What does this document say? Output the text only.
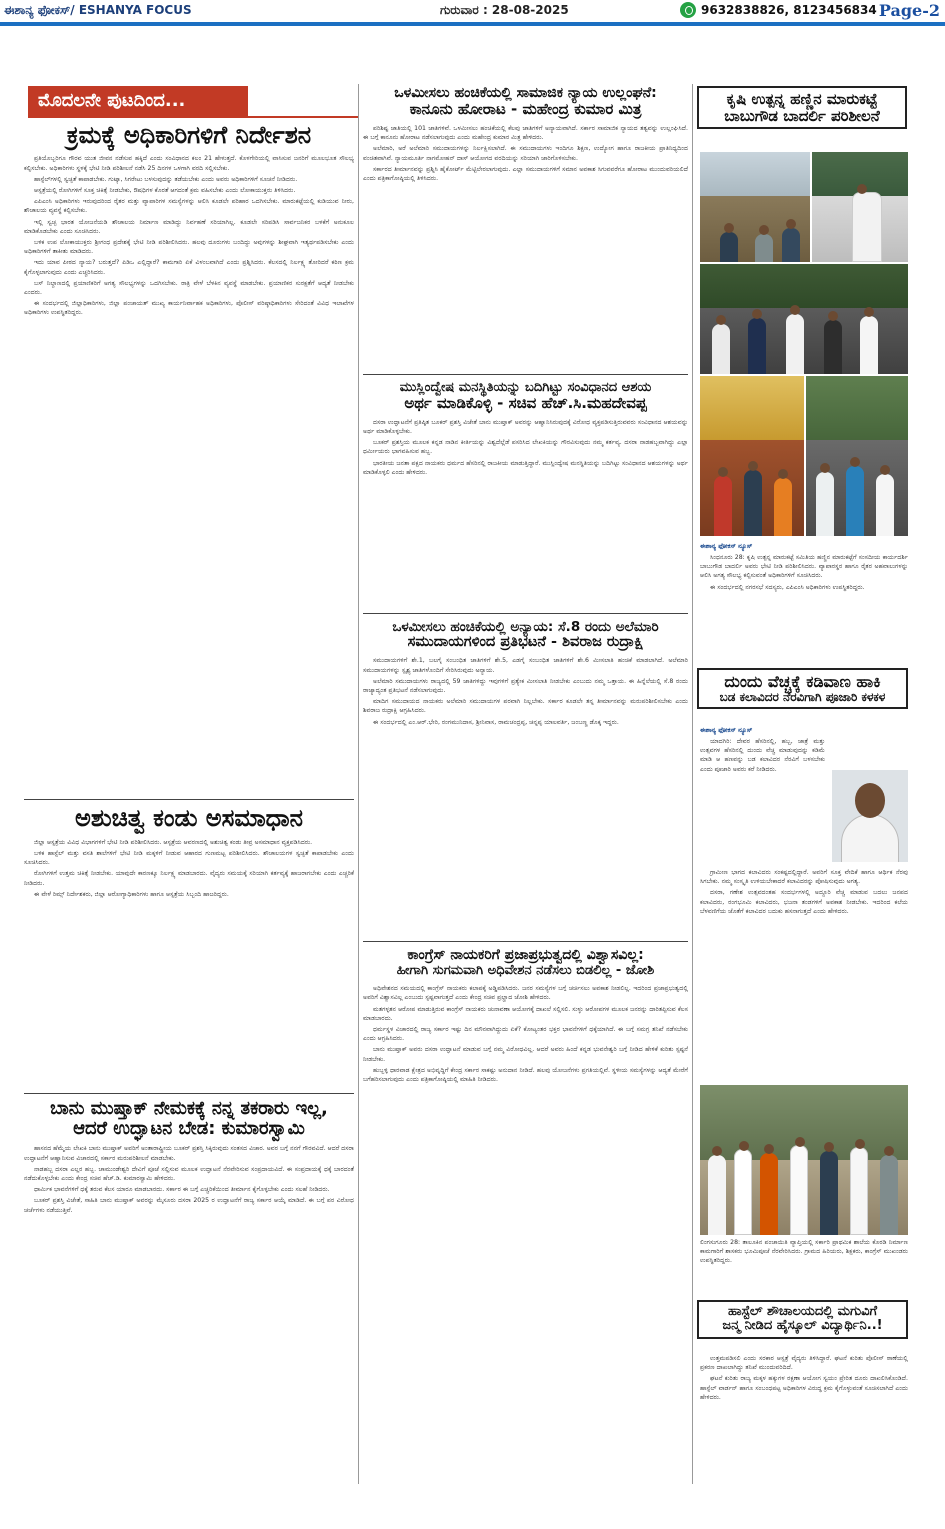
ಈಶಾನ್ಯ ಫೋಕಸ್/ ESHANYA FOCUS	ಗುರುವಾರ : 28-08-2025	9632838826, 8123456834 Page-2
ಮೊದಲನೇ ಪುಟದಿಂದ...
ಕ್ರಮಕ್ಕೆ ಅಧಿಕಾರಿಗಳಿಗೆ ನಿರ್ದೇಶನ

ಪ್ರತಿಯೊಬ್ಬರಿಗೂ ಗೌರವ ಯುತ ಜೀವನ ನಡೆಸುವ ಹಕ್ಕಿದೆ ಎಂದು ಸಂವಿಧಾನದ ಕಲಂ 21 ಹೇಳುತ್ತದೆ. ಕೊಳಗೇರಿಯಲ್ಲಿ ವಾಸಿಸುವ ಜನರಿಗೆ ಮೂಲಭೂತ ಸೌಲಭ್ಯ ಕಲ್ಪಿಸಬೇಕು. ಅಧಿಕಾರಿಗಳು ಸ್ಥಳಕ್ಕೆ ಭೇಟಿ ನೀಡಿ ಪರಿಶೀಲನೆ ನಡೆಸಿ 25 ದಿನಗಳ ಒಳಗಾಗಿ ವರದಿ ಸಲ್ಲಿಸಬೇಕು.

ಹಾಸ್ಟೆಲ್‌ಗಳಲ್ಲಿ ಸ್ವಚ್ಛತೆ ಕಾಪಾಡಬೇಕು. ಗುಟ್ಕಾ, ಸಿಗರೇಟು ಬಳಸುವುದನ್ನು ತಡೆಯಬೇಕು ಎಂದು ಅವರು ಅಧಿಕಾರಿಗಳಿಗೆ ಸೂಚನೆ ನೀಡಿದರು.

ಆಸ್ಪತ್ರೆಯಲ್ಲಿ ರೋಗಿಗಳಿಗೆ ಸೂಕ್ತ ಚಿಕಿತ್ಸೆ ನೀಡಬೇಕು, ಔಷಧಿಗಳ ಕೊರತೆ ಆಗದಂತೆ ಕ್ರಮ ವಹಿಸಬೇಕು ಎಂದು ಲೋಕಾಯುಕ್ತರು ತಿಳಿಸಿದರು.

ಎಪಿಎಂಸಿ ಅಧಿಕಾರಿಗಳು ಇರುವುದರಿಂದ ರೈತರ ಮತ್ತು ವ್ಯಾಪಾರಿಗಳ ಸಮಸ್ಯೆಗಳನ್ನು ಆಲಿಸಿ ಕೂಡಲೇ ಪರಿಹಾರ ಒದಗಿಸಬೇಕು. ಮಾರುಕಟ್ಟೆಯಲ್ಲಿ ಕುಡಿಯುವ ನೀರು, ಶೌಚಾಲಯ ವ್ಯವಸ್ಥೆ ಕಲ್ಪಿಸಬೇಕು.

ಇಲ್ಲಿ ಸ್ವಚ್ಛ ಭಾರತ ಯೋಜನೆಯಡಿ ಶೌಚಾಲಯ ನಿರ್ಮಾಣ ಮಾಡಿದ್ದು ನಿರ್ವಹಣೆ ಸರಿಯಾಗಿಲ್ಲ. ಕೂಡಲೇ ಸರಿಪಡಿಸಿ ಸಾರ್ವಜನಿಕರ ಬಳಕೆಗೆ ಅನುಕೂಲ ಮಾಡಿಕೊಡಬೇಕು ಎಂದು ಸೂಚಿಸಿದರು.

ಬಳಿಕ ಉಪ ಲೋಕಾಯುಕ್ತರು ಶ್ರೀಗಂಧ ಪ್ರದೇಶಕ್ಕೆ ಭೇಟಿ ನೀಡಿ ಪರಿಶೀಲಿಸಿದರು. ಹಲವು ದೂರುಗಳು ಬಂದಿದ್ದು ಅವುಗಳನ್ನು ಶೀಘ್ರವಾಗಿ ಇತ್ಯರ್ಥಪಡಿಸಬೇಕು ಎಂದು ಅಧಿಕಾರಿಗಳಿಗೆ ತಾಕೀತು ಮಾಡಿದರು.

ಇದು ಯಾವ ಪೀಠದ ನ್ಯಾಯ? ಬರುತ್ತದೆ? ಪಿಡಿಒ ಎಲ್ಲಿದ್ದಾರೆ? ಕಾಮಗಾರಿ ಏಕೆ ವಿಳಂಬವಾಗಿದೆ ಎಂದು ಪ್ರಶ್ನಿಸಿದರು. ಕೆಲಸದಲ್ಲಿ ನಿರ್ಲಕ್ಷ್ಯ ತೋರಿದರೆ ಕಠಿಣ ಕ್ರಮ ಕೈಗೊಳ್ಳಲಾಗುವುದು ಎಂದು ಎಚ್ಚರಿಸಿದರು.

ಬಸ್ ನಿಲ್ದಾಣದಲ್ಲಿ ಪ್ರಯಾಣಿಕರಿಗೆ ಅಗತ್ಯ ಸೌಲಭ್ಯಗಳನ್ನು ಒದಗಿಸಬೇಕು. ರಾತ್ರಿ ವೇಳೆ ಬೆಳಕಿನ ವ್ಯವಸ್ಥೆ ಮಾಡಬೇಕು. ಪ್ರಯಾಣಿಕರ ಸುರಕ್ಷತೆಗೆ ಆದ್ಯತೆ ನೀಡಬೇಕು ಎಂದರು.

ಈ ಸಂದರ್ಭದಲ್ಲಿ ಜಿಲ್ಲಾಧಿಕಾರಿಗಳು, ಜಿಲ್ಲಾ ಪಂಚಾಯತ್ ಮುಖ್ಯ ಕಾರ್ಯನಿರ್ವಾಹಕ ಅಧಿಕಾರಿಗಳು, ಪೊಲೀಸ್ ವರಿಷ್ಠಾಧಿಕಾರಿಗಳು ಸೇರಿದಂತೆ ವಿವಿಧ ಇಲಾಖೆಗಳ ಅಧಿಕಾರಿಗಳು ಉಪಸ್ಥಿತರಿದ್ದರು.

ಅಶುಚಿತ್ವ ಕಂಡು ಅಸಮಾಧಾನ

ಜಿಲ್ಲಾ ಆಸ್ಪತ್ರೆಯ ವಿವಿಧ ವಿಭಾಗಗಳಿಗೆ ಭೇಟಿ ನೀಡಿ ಪರಿಶೀಲಿಸಿದರು. ಆಸ್ಪತ್ರೆಯ ಆವರಣದಲ್ಲಿ ಅಶುಚಿತ್ವ ಕಂಡು ತೀವ್ರ ಅಸಮಾಧಾನ ವ್ಯಕ್ತಪಡಿಸಿದರು.

ಬಳಿಕ ಹಾಸ್ಟೆಲ್ ಮತ್ತು ವಸತಿ ಶಾಲೆಗಳಿಗೆ ಭೇಟಿ ನೀಡಿ ಮಕ್ಕಳಿಗೆ ನೀಡುವ ಆಹಾರದ ಗುಣಮಟ್ಟ ಪರಿಶೀಲಿಸಿದರು. ಶೌಚಾಲಯಗಳ ಸ್ವಚ್ಛತೆ ಕಾಪಾಡಬೇಕು ಎಂದು ಸೂಚಿಸಿದರು.

ರೋಗಿಗಳಿಗೆ ಉತ್ತಮ ಚಿಕಿತ್ಸೆ ನೀಡಬೇಕು. ಯಾವುದೇ ಕಾರಣಕ್ಕೂ ನಿರ್ಲಕ್ಷ್ಯ ಮಾಡಬಾರದು. ವೈದ್ಯರು ಸಮಯಕ್ಕೆ ಸರಿಯಾಗಿ ಕರ್ತವ್ಯಕ್ಕೆ ಹಾಜರಾಗಬೇಕು ಎಂದು ಎಚ್ಚರಿಕೆ ನೀಡಿದರು.

ಈ ವೇಳೆ ರಿಮ್ಸ್ ನಿರ್ದೇಶಕರು, ಜಿಲ್ಲಾ ಆರೋಗ್ಯಾಧಿಕಾರಿಗಳು ಹಾಗೂ ಆಸ್ಪತ್ರೆಯ ಸಿಬ್ಬಂದಿ ಹಾಜರಿದ್ದರು.

ಬಾನು ಮುಷ್ತಾಕ್ ನೇಮಕಕ್ಕೆ ನನ್ನ ತಕರಾರು ಇಲ್ಲ,
ಆದರೆ ಉದ್ಘಾಟನ ಬೇಡ: ಕುಮಾರಸ್ವಾಮಿ

ಹಾಸನದ ಹೆಮ್ಮೆಯ ಲೇಖಕಿ ಬಾನು ಮುಷ್ತಾಕ್ ಅವರಿಗೆ ಅಂತಾರಾಷ್ಟ್ರೀಯ ಬೂಕರ್ ಪ್ರಶಸ್ತಿ ಸಿಕ್ಕಿರುವುದು ಸಂತಸದ ವಿಚಾರ. ಅವರ ಬಗ್ಗೆ ನನಗೆ ಗೌರವವಿದೆ. ಆದರೆ ದಸರಾ ಉದ್ಘಾಟನೆಗೆ ಆಹ್ವಾನಿಸುವ ವಿಚಾರದಲ್ಲಿ ಸರ್ಕಾರ ಮರುಪರಿಶೀಲನೆ ಮಾಡಬೇಕು.

ನಾಡಹಬ್ಬ ದಸರಾ ಎಲ್ಲರ ಹಬ್ಬ. ಚಾಮುಂಡೇಶ್ವರಿ ದೇವಿಗೆ ಪೂಜೆ ಸಲ್ಲಿಸುವ ಮೂಲಕ ಉದ್ಘಾಟನೆ ನೆರವೇರಿಸುವ ಸಂಪ್ರದಾಯವಿದೆ. ಈ ಸಂಪ್ರದಾಯಕ್ಕೆ ಧಕ್ಕೆ ಬಾರದಂತೆ ನಡೆದುಕೊಳ್ಳಬೇಕು ಎಂದು ಕೇಂದ್ರ ಸಚಿವ ಹೆಚ್.ಡಿ. ಕುಮಾರಸ್ವಾಮಿ ಹೇಳಿದರು.

ಧಾರ್ಮಿಕ ಭಾವನೆಗಳಿಗೆ ಧಕ್ಕೆ ತರುವ ಕೆಲಸ ಯಾರೂ ಮಾಡಬಾರದು. ಸರ್ಕಾರ ಈ ಬಗ್ಗೆ ಎಚ್ಚರಿಕೆಯಿಂದ ತೀರ್ಮಾನ ಕೈಗೊಳ್ಳಬೇಕು ಎಂದು ಸಲಹೆ ನೀಡಿದರು.

ಬೂಕರ್ ಪ್ರಶಸ್ತಿ ವಿಜೇತೆ, ಸಾಹಿತಿ ಬಾನು ಮುಷ್ತಾಕ್ ಅವರನ್ನು ಮೈಸೂರು ದಸರಾ 2025 ರ ಉದ್ಘಾಟನೆಗೆ ರಾಜ್ಯ ಸರ್ಕಾರ ಆಯ್ಕೆ ಮಾಡಿದೆ. ಈ ಬಗ್ಗೆ ಪರ ವಿರೋಧ ಚರ್ಚೆಗಳು ನಡೆಯುತ್ತಿವೆ.

ಒಳಮೀಸಲು ಹಂಚಿಕೆಯಲ್ಲಿ ಸಾಮಾಜಿಕ ನ್ಯಾಯ ಉಲ್ಲಂಘನೆ:
ಕಾನೂನು ಹೋರಾಟ - ಮಹೇಂದ್ರ ಕುಮಾರ ಮಿತ್ರ

ಪರಿಶಿಷ್ಟ ಜಾತಿಯಲ್ಲಿ 101 ಜಾತಿಗಳಿವೆ. ಒಳಮೀಸಲು ಹಂಚಿಕೆಯಲ್ಲಿ ಕೆಲವು ಜಾತಿಗಳಿಗೆ ಅನ್ಯಾಯವಾಗಿದೆ. ಸರ್ಕಾರ ಸಾಮಾಜಿಕ ನ್ಯಾಯದ ತತ್ವವನ್ನು ಉಲ್ಲಂಘಿಸಿದೆ. ಈ ಬಗ್ಗೆ ಕಾನೂನು ಹೋರಾಟ ನಡೆಸಲಾಗುವುದು ಎಂದು ಮಹೇಂದ್ರ ಕುಮಾರ ಮಿತ್ರ ಹೇಳಿದರು.

ಅಲೆಮಾರಿ, ಅರೆ ಅಲೆಮಾರಿ ಸಮುದಾಯಗಳನ್ನು ನಿರ್ಲಕ್ಷಿಸಲಾಗಿದೆ. ಈ ಸಮುದಾಯಗಳು ಇಂದಿಗೂ ಶಿಕ್ಷಣ, ಉದ್ಯೋಗ ಹಾಗೂ ರಾಜಕೀಯ ಪ್ರಾತಿನಿಧ್ಯದಿಂದ ವಂಚಿತವಾಗಿವೆ. ನ್ಯಾಯಮೂರ್ತಿ ನಾಗಮೋಹನ್ ದಾಸ್ ಆಯೋಗದ ವರದಿಯನ್ನು ಸರಿಯಾಗಿ ಜಾರಿಗೊಳಿಸಬೇಕು.

ಸರ್ಕಾರದ ತೀರ್ಮಾನವನ್ನು ಪ್ರಶ್ನಿಸಿ ಹೈಕೋರ್ಟ್ ಮೆಟ್ಟಿಲೇರಲಾಗುವುದು. ಎಲ್ಲಾ ಸಮುದಾಯಗಳಿಗೆ ಸಮಾನ ಅವಕಾಶ ಸಿಗುವವರೆಗೂ ಹೋರಾಟ ಮುಂದುವರಿಯಲಿದೆ ಎಂದು ಪತ್ರಿಕಾಗೋಷ್ಠಿಯಲ್ಲಿ ತಿಳಿಸಿದರು.

ಮುಸ್ಲಿಂದ್ವೇಷ ಮನಸ್ಥಿತಿಯನ್ನು ಬದಿಗಿಟ್ಟು ಸಂವಿಧಾನದ ಆಶಯ
ಅರ್ಥ ಮಾಡಿಕೊಳ್ಳಿ - ಸಚಿವ ಹೆಚ್.ಸಿ.ಮಹದೇವಪ್ಪ

ದಸರಾ ಉದ್ಘಾಟನೆಗೆ ಪ್ರತಿಷ್ಠಿತ ಬೂಕರ್ ಪ್ರಶಸ್ತಿ ವಿಜೇತೆ ಬಾನು ಮುಷ್ತಾಕ್ ಅವರನ್ನು ಆಹ್ವಾನಿಸಿರುವುದಕ್ಕೆ ವಿರೋಧ ವ್ಯಕ್ತಪಡಿಸುತ್ತಿರುವವರು ಸಂವಿಧಾನದ ಆಶಯವನ್ನು ಅರ್ಥ ಮಾಡಿಕೊಳ್ಳಬೇಕು.

ಬೂಕರ್ ಪ್ರಶಸ್ತಿಯ ಮೂಲಕ ಕನ್ನಡ ನಾಡಿನ ಕೀರ್ತಿಯನ್ನು ವಿಶ್ವದೆಲ್ಲೆಡೆ ಪಸರಿಸಿದ ಲೇಖಕಿಯನ್ನು ಗೌರವಿಸುವುದು ನಮ್ಮ ಕರ್ತವ್ಯ. ದಸರಾ ನಾಡಹಬ್ಬವಾಗಿದ್ದು ಎಲ್ಲಾ ಧರ್ಮೀಯರು ಭಾಗವಹಿಸುವ ಹಬ್ಬ.

ಭಾರತೀಯ ಜನತಾ ಪಕ್ಷದ ನಾಯಕರು ಧರ್ಮದ ಹೆಸರಿನಲ್ಲಿ ರಾಜಕೀಯ ಮಾಡುತ್ತಿದ್ದಾರೆ. ಮುಸ್ಲಿಂದ್ವೇಷ ಮನಸ್ಥಿತಿಯನ್ನು ಬದಿಗಿಟ್ಟು ಸಂವಿಧಾನದ ಆಶಯಗಳನ್ನು ಅರ್ಥ ಮಾಡಿಕೊಳ್ಳಲಿ ಎಂದು ಹೇಳಿದರು.

ಒಳಮೀಸಲು ಹಂಚಿಕೆಯಲ್ಲಿ ಅನ್ಯಾಯ: ಸೆ.8 ರಂದು ಅಲೆಮಾರಿ
ಸಮುದಾಯಗಳಿಂದ ಪ್ರತಿಭಟನೆ - ಶಿವರಾಜ ರುದ್ರಾಕ್ಷಿ

ಸಮುದಾಯಗಳಿಗೆ ಶೇ.1, ಬಲಗೈ ಸಂಬಂಧಿತ ಜಾತಿಗಳಿಗೆ ಶೇ.5, ಎಡಗೈ ಸಂಬಂಧಿತ ಜಾತಿಗಳಿಗೆ ಶೇ.6 ಮೀಸಲಾತಿ ಹಂಚಿಕೆ ಮಾಡಲಾಗಿದೆ. ಅಲೆಮಾರಿ ಸಮುದಾಯಗಳನ್ನು ಸ್ಪೃಶ್ಯ ಜಾತಿಗಳೊಂದಿಗೆ ಸೇರಿಸಿರುವುದು ಅನ್ಯಾಯ.

ಅಲೆಮಾರಿ ಸಮುದಾಯಗಳು ರಾಜ್ಯದಲ್ಲಿ 59 ಜಾತಿಗಳಿದ್ದು ಇವುಗಳಿಗೆ ಪ್ರತ್ಯೇಕ ಮೀಸಲಾತಿ ನೀಡಬೇಕು ಎಂಬುದು ನಮ್ಮ ಒತ್ತಾಯ. ಈ ಹಿನ್ನೆಲೆಯಲ್ಲಿ ಸೆ.8 ರಂದು ರಾಜ್ಯಾದ್ಯಂತ ಪ್ರತಿಭಟನೆ ನಡೆಸಲಾಗುವುದು.

ಮಾದಿಗ ಸಮುದಾಯದ ನಾಯಕರು ಅಲೆಮಾರಿ ಸಮುದಾಯಗಳ ಪರವಾಗಿ ನಿಲ್ಲಬೇಕು. ಸರ್ಕಾರ ಕೂಡಲೇ ತನ್ನ ತೀರ್ಮಾನವನ್ನು ಮರುಪರಿಶೀಲಿಸಬೇಕು ಎಂದು ಶಿವರಾಜ ರುದ್ರಾಕ್ಷಿ ಆಗ್ರಹಿಸಿದರು.

ಈ ಸಂದರ್ಭದಲ್ಲಿ ಎಂ.ಆರ್.ಭೇರಿ, ರಂಗಮುನಿದಾಸ, ಶ್ರೀನಿವಾಸ, ರಾಮಚಂದ್ರಪ್ಪ, ಚನ್ನಪ್ಪ ಯಾಲವರ್ತಿ, ಜಂಬಣ್ಣ ಡೊಕ್ಕ ಇದ್ದರು.

ಕಾಂಗ್ರೆಸ್ ನಾಯಕರಿಗೆ ಪ್ರಜಾಪ್ರಭುತ್ವದಲ್ಲಿ ವಿಶ್ವಾಸವಿಲ್ಲ:
ಹೀಗಾಗಿ ಸುಗಮವಾಗಿ ಅಧಿವೇಶನ ನಡೆಸಲು ಬಿಡಲಿಲ್ಲ - ಜೋಶಿ

ಅಧಿವೇಶನದ ಸಮಯದಲ್ಲಿ ಕಾಂಗ್ರೆಸ್ ನಾಯಕರು ಕಲಾಪಕ್ಕೆ ಅಡ್ಡಿಪಡಿಸಿದರು. ಜನರ ಸಮಸ್ಯೆಗಳ ಬಗ್ಗೆ ಚರ್ಚಿಸಲು ಅವಕಾಶ ನೀಡಲಿಲ್ಲ. ಇದರಿಂದ ಪ್ರಜಾಪ್ರಭುತ್ವದಲ್ಲಿ ಅವರಿಗೆ ವಿಶ್ವಾಸವಿಲ್ಲ ಎಂಬುದು ಸ್ಪಷ್ಟವಾಗುತ್ತದೆ ಎಂದು ಕೇಂದ್ರ ಸಚಿವ ಪ್ರಲ್ಹಾದ ಜೋಶಿ ಹೇಳಿದರು.

ಮತಗಳ್ಳತನ ಆರೋಪ ಮಾಡುತ್ತಿರುವ ಕಾಂಗ್ರೆಸ್ ನಾಯಕರು ಚುನಾವಣಾ ಆಯೋಗಕ್ಕೆ ದಾಖಲೆ ಸಲ್ಲಿಸಲಿ. ಸುಳ್ಳು ಆರೋಪಗಳ ಮೂಲಕ ಜನರನ್ನು ದಾರಿತಪ್ಪಿಸುವ ಕೆಲಸ ಮಾಡಬಾರದು.

ಧರ್ಮಸ್ಥಳ ವಿಚಾರದಲ್ಲಿ ರಾಜ್ಯ ಸರ್ಕಾರ ಇಷ್ಟು ದಿನ ಮೌನವಾಗಿದ್ದುದು ಏಕೆ? ಕೋಟ್ಯಂತರ ಭಕ್ತರ ಭಾವನೆಗಳಿಗೆ ಧಕ್ಕೆಯಾಗಿದೆ. ಈ ಬಗ್ಗೆ ಸಮಗ್ರ ತನಿಖೆ ನಡೆಸಬೇಕು ಎಂದು ಆಗ್ರಹಿಸಿದರು.

ಬಾನು ಮುಷ್ತಾಕ್ ಅವರು ದಸರಾ ಉದ್ಘಾಟನೆ ಮಾಡುವ ಬಗ್ಗೆ ನಮ್ಮ ವಿರೋಧವಿಲ್ಲ. ಆದರೆ ಅವರು ಹಿಂದೆ ಕನ್ನಡ ಭುವನೇಶ್ವರಿ ಬಗ್ಗೆ ನೀಡಿದ ಹೇಳಿಕೆ ಕುರಿತು ಸ್ಪಷ್ಟನೆ ನೀಡಬೇಕು.

ಹುಬ್ಬಳ್ಳಿ ಧಾರವಾಡ ಕ್ಷೇತ್ರದ ಅಭಿವೃದ್ಧಿಗೆ ಕೇಂದ್ರ ಸರ್ಕಾರ ಸಾಕಷ್ಟು ಅನುದಾನ ನೀಡಿದೆ. ಹಲವು ಯೋಜನೆಗಳು ಪ್ರಗತಿಯಲ್ಲಿವೆ. ಸ್ಥಳೀಯ ಸಮಸ್ಯೆಗಳನ್ನು ಆದ್ಯತೆ ಮೇರೆಗೆ ಬಗೆಹರಿಸಲಾಗುವುದು ಎಂದು ಪತ್ರಿಕಾಗೋಷ್ಠಿಯಲ್ಲಿ ಮಾಹಿತಿ ನೀಡಿದರು.

ಕೃಷಿ ಉತ್ಪನ್ನ ಹಣ್ಣಿನ ಮಾರುಕಟ್ಟೆ
ಬಾಬುಗೌಡ ಬಾದರ್ಲಿ ಪರಿಶೀಲನೆ
ಈಶಾನ್ಯ ಫೋಕಸ್ ನ್ಯೂಸ್

ಸಿಂಧನೂರು 28: ಕೃಷಿ ಉತ್ಪನ್ನ ಮಾರುಕಟ್ಟೆ ಸಮಿತಿಯ ಹಣ್ಣಿನ ಮಾರುಕಟ್ಟೆಗೆ ಸಂಸದೀಯ ಕಾರ್ಯದರ್ಶಿ ಬಾಬುಗೌಡ ಬಾದರ್ಲಿ ಅವರು ಭೇಟಿ ನೀಡಿ ಪರಿಶೀಲಿಸಿದರು. ವ್ಯಾಪಾರಸ್ಥರ ಹಾಗೂ ರೈತರ ಅಹವಾಲುಗಳನ್ನು ಆಲಿಸಿ ಅಗತ್ಯ ಸೌಲಭ್ಯ ಕಲ್ಪಿಸುವಂತೆ ಅಧಿಕಾರಿಗಳಿಗೆ ಸೂಚಿಸಿದರು.

ಈ ಸಂದರ್ಭದಲ್ಲಿ ನಗರಸಭೆ ಸದಸ್ಯರು, ಎಪಿಎಂಸಿ ಅಧಿಕಾರಿಗಳು ಉಪಸ್ಥಿತರಿದ್ದರು.

ದುಂದು ವೆಚ್ಚಕ್ಕೆ ಕಡಿವಾಣ ಹಾಕಿ
ಬಡ ಕಲಾವಿದರ ನೆರವಿಗಾಗಿ ಪೂಜಾರಿ ಕಳಕಳ
ಈಶಾನ್ಯ ಫೋಕಸ್ ನ್ಯೂಸ್

ಯಾದಗಿರಿ: ದೇವರ ಹೆಸರಿನಲ್ಲಿ, ಹಬ್ಬ, ಜಾತ್ರೆ ಮತ್ತು ಉತ್ಸವಗಳ ಹೆಸರಿನಲ್ಲಿ ದುಂದು ವೆಚ್ಚ ಮಾಡುವುದನ್ನು ಕಡಿಮೆ ಮಾಡಿ ಆ ಹಣವನ್ನು ಬಡ ಕಲಾವಿದರ ನೆರವಿಗೆ ಬಳಸಬೇಕು ಎಂದು ಪೂಜಾರಿ ಅವರು ಕರೆ ನೀಡಿದರು.

ಗ್ರಾಮೀಣ ಭಾಗದ ಕಲಾವಿದರು ಸಂಕಷ್ಟದಲ್ಲಿದ್ದಾರೆ. ಅವರಿಗೆ ಸೂಕ್ತ ವೇದಿಕೆ ಹಾಗೂ ಆರ್ಥಿಕ ನೆರವು ಸಿಗಬೇಕು. ನಮ್ಮ ಸಂಸ್ಕೃತಿ ಉಳಿಯಬೇಕಾದರೆ ಕಲಾವಿದರನ್ನು ಪೋಷಿಸುವುದು ಅಗತ್ಯ.

ದಸರಾ, ಗಣೇಶ ಉತ್ಸವದಂತಹ ಸಂದರ್ಭಗಳಲ್ಲಿ ಅದ್ದೂರಿ ವೆಚ್ಚ ಮಾಡುವ ಬದಲು ಜನಪದ ಕಲಾವಿದರು, ರಂಗಭೂಮಿ ಕಲಾವಿದರು, ಭಜನಾ ತಂಡಗಳಿಗೆ ಅವಕಾಶ ನೀಡಬೇಕು. ಇದರಿಂದ ಕಲೆಯ ಬೆಳವಣಿಗೆಯ ಜೊತೆಗೆ ಕಲಾವಿದರ ಬದುಕು ಹಸನಾಗುತ್ತದೆ ಎಂದು ಹೇಳಿದರು.

ಲಿಂಗಸುಗೂರು 28: ತಾಲೂಕಿನ ಪಂಚಾಯಿತಿ ವ್ಯಾಪ್ತಿಯಲ್ಲಿ ಸರ್ಕಾರಿ ಪ್ರಾಥಮಿಕ ಶಾಲೆಯ ಕೊಠಡಿ ನಿರ್ಮಾಣ ಕಾಮಗಾರಿಗೆ ಶಾಸಕರು ಭೂಮಿಪೂಜೆ ನೆರವೇರಿಸಿದರು. ಗ್ರಾಮದ ಹಿರಿಯರು, ಶಿಕ್ಷಕರು, ಕಾಂಗ್ರೆಸ್ ಮುಖಂಡರು ಉಪಸ್ಥಿತರಿದ್ದರು.
ಹಾಸ್ಟೆಲ್ ಶೌಚಾಲಯದಲ್ಲಿ ಮಗುವಿಗೆ
ಜನ್ಮ ನೀಡಿದ ಹೈಸ್ಕೂಲ್ ವಿದ್ಯಾರ್ಥಿನಿ..!

ಉತ್ತಮಪಡಿಸಲಿ ಎಂದು ಸರಕಾರ ಆಸ್ಪತ್ರೆ ವೈದ್ಯರು ತಿಳಿಸಿದ್ದಾರೆ. ಘಟನೆ ಕುರಿತು ಪೊಲೀಸ್ ಠಾಣೆಯಲ್ಲಿ ಪ್ರಕರಣ ದಾಖಲಾಗಿದ್ದು ತನಿಖೆ ಮುಂದುವರಿದಿದೆ.

ಘಟನೆ ಕುರಿತು ರಾಜ್ಯ ಮಕ್ಕಳ ಹಕ್ಕುಗಳ ರಕ್ಷಣಾ ಆಯೋಗ ಸ್ವಯಂ ಪ್ರೇರಿತ ದೂರು ದಾಖಲಿಸಿಕೊಂಡಿದೆ. ಹಾಸ್ಟೆಲ್ ವಾರ್ಡನ್ ಹಾಗೂ ಸಂಬಂಧಪಟ್ಟ ಅಧಿಕಾರಿಗಳ ವಿರುದ್ಧ ಕ್ರಮ ಕೈಗೊಳ್ಳುವಂತೆ ಸೂಚಿಸಲಾಗಿದೆ ಎಂದು ಹೇಳಿದರು.
